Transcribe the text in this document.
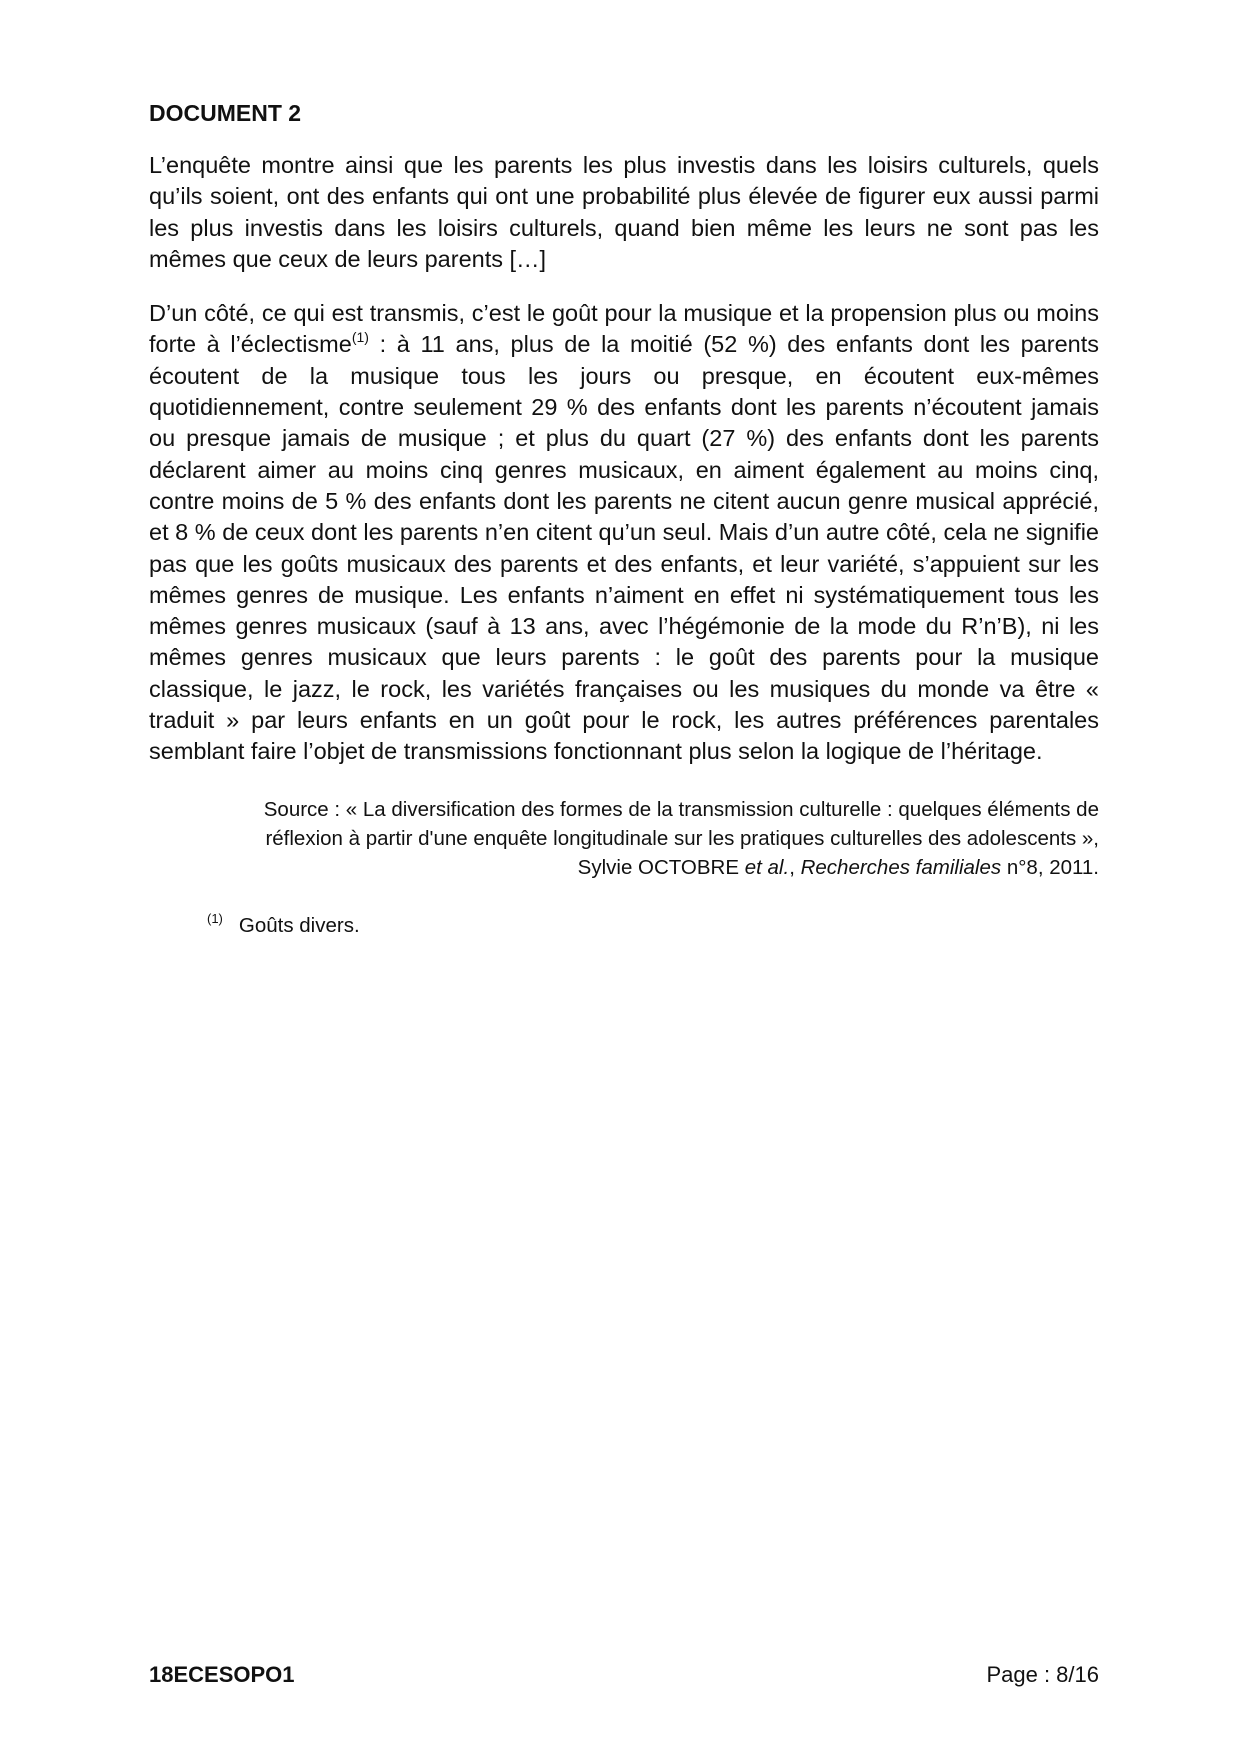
DOCUMENT 2

L’enquête montre ainsi que les parents les plus investis dans les loisirs culturels, quels qu’ils soient, ont des enfants qui ont une probabilité plus élevée de figurer eux aussi parmi les plus investis dans les loisirs culturels, quand bien même les leurs ne sont pas les mêmes que ceux de leurs parents […]

D’un côté, ce qui est transmis, c’est le goût pour la musique et la propension plus ou moins forte à l’éclectisme$^{(1)}$ : à 11 ans, plus de la moitié (52 %) des enfants dont les parents écoutent de la musique tous les jours ou presque, en écoutent eux-mêmes quotidiennement, contre seulement 29 % des enfants dont les parents n’écoutent jamais ou presque jamais de musique ; et plus du quart (27 %) des enfants dont les parents déclarent aimer au moins cinq genres musicaux, en aiment également au moins cinq, contre moins de 5 % des enfants dont les parents ne citent aucun genre musical apprécié, et 8 % de ceux dont les parents n’en citent qu’un seul. Mais d’un autre côté, cela ne signifie pas que les goûts musicaux des parents et des enfants, et leur variété, s’appuient sur les mêmes genres de musique. Les enfants n’aiment en effet ni systématiquement tous les mêmes genres musicaux (sauf à 13 ans, avec l’hégémonie de la mode du R’n’B), ni les mêmes genres musicaux que leurs parents : le goût des parents pour la musique classique, le jazz, le rock, les variétés françaises ou les musiques du monde va être « traduit » par leurs enfants en un goût pour le rock, les autres préférences parentales semblant faire l’objet de transmissions fonctionnant plus selon la logique de l’héritage.

Source : « La diversification des formes de la transmission culturelle : quelques éléments de
réflexion à partir d'une enquête longitudinale sur les pratiques culturelles des adolescents »,
Sylvie OCTOBRE et al., Recherches familiales n°8, 2011.
$^{(1)}$ Goûts divers.
18ECESOPO1	Page : 8/16
